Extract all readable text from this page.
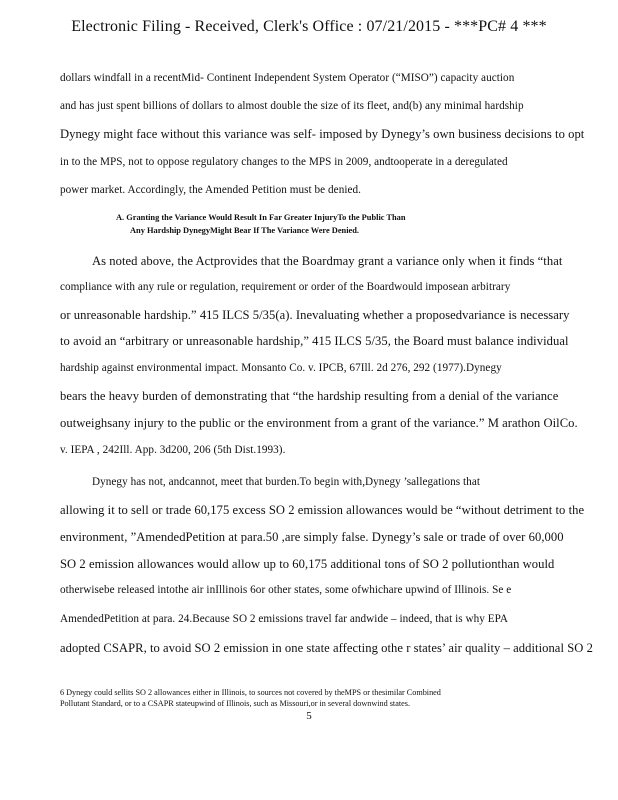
Electronic Filing - Received, Clerk's Office : 07/21/2015 - ***PC# 4 ***
dollars windfall in a recentMid- Continent Independent System Operator (“MISO”) capacity auction
and has just spent billions of dollars to almost double the size of its fleet, and(b) any minimal hardship
Dynegy might face without this variance was self- imposed by Dynegy’s own business decisions to opt
in to the MPS, not to oppose regulatory changes to the MPS in 2009, andtooperate in a deregulated
power market. Accordingly, the Amended Petition must be denied.
A. Granting the Variance Would Result In Far Greater InjuryTo the Public Than
Any Hardship DynegyMight Bear If The Variance Were Denied.
As noted above, the Actprovides that the Boardmay grant a variance only when it finds “that
compliance with any rule or regulation, requirement or order of the Boardwould imposean arbitrary
or unreasonable hardship.” 415 ILCS 5/35(a). Inevaluating whether a proposedvariance is necessary
to avoid an “arbitrary or unreasonable hardship,” 415 ILCS 5/35, the Board must balance individual
hardship against environmental impact. Monsanto Co. v. IPCB, 67Ill. 2d 276, 292 (1977).Dynegy
bears the heavy burden of demonstrating that “the hardship resulting from a denial of the variance
outweighsany injury to the public or the environment from a grant of the variance.” M arathon OilCo.
v. IEPA , 242Ill. App. 3d200, 206 (5th Dist.1993).
Dynegy has not, andcannot, meet that burden.To begin with,Dynegy ’sallegations that
allowing it to sell or trade 60,175 excess SO 2 emission allowances would be “without detriment to the
environment, ”AmendedPetition at para.50 ,are simply false. Dynegy’s sale or trade of over 60,000
SO 2 emission allowances would allow up to 60,175 additional tons of SO 2 pollutionthan would
otherwisebe released intothe air inIllinois 6or other states, some ofwhichare upwind of Illinois. Se e
AmendedPetition at para. 24.Because SO 2 emissions travel far andwide – indeed, that is why EPA
adopted CSAPR, to avoid SO 2 emission in one state affecting othe r states’ air quality – additional SO 2
6 Dynegy could sellits SO 2 allowances either in Illinois, to sources not covered by theMPS or thesimilar Combined
Pollutant Standard, or to a CSAPR stateupwind of Illinois, such as Missouri,or in several downwind states.
5
